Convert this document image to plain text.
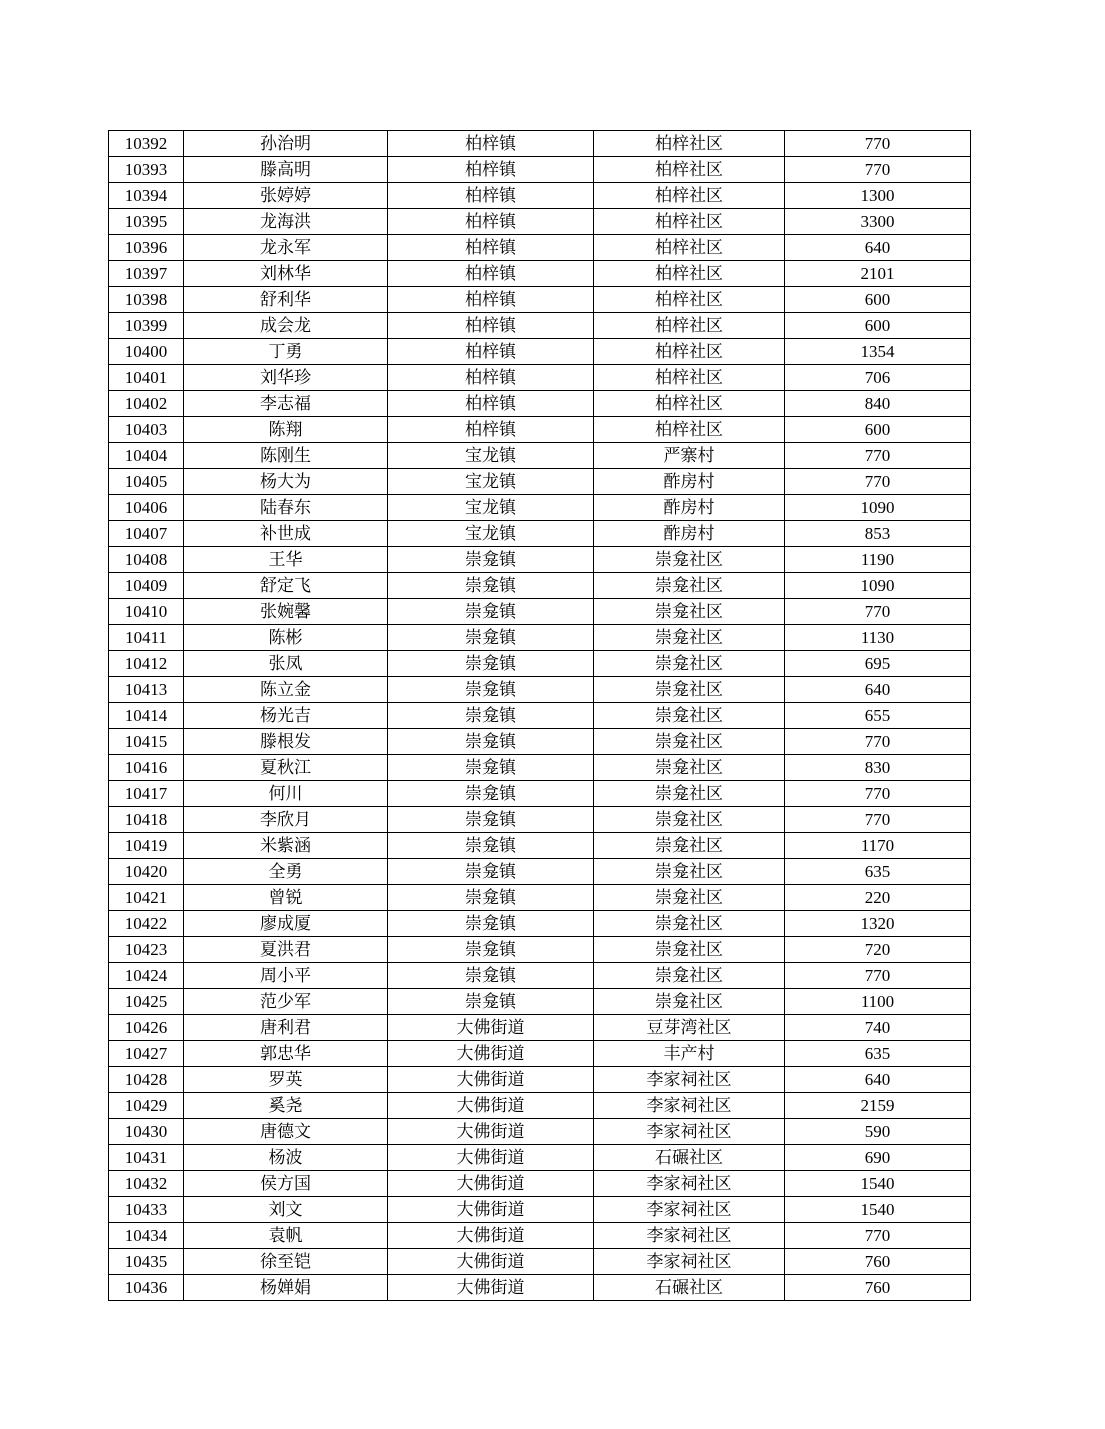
10392	孙治明	柏梓镇	柏梓社区	770
10393	滕高明	柏梓镇	柏梓社区	770
10394	张婷婷	柏梓镇	柏梓社区	1300
10395	龙海洪	柏梓镇	柏梓社区	3300
10396	龙永军	柏梓镇	柏梓社区	640
10397	刘林华	柏梓镇	柏梓社区	2101
10398	舒利华	柏梓镇	柏梓社区	600
10399	成会龙	柏梓镇	柏梓社区	600
10400	丁勇	柏梓镇	柏梓社区	1354
10401	刘华珍	柏梓镇	柏梓社区	706
10402	李志福	柏梓镇	柏梓社区	840
10403	陈翔	柏梓镇	柏梓社区	600
10404	陈刚生	宝龙镇	严寨村	770
10405	杨大为	宝龙镇	酢房村	770
10406	陆春东	宝龙镇	酢房村	1090
10407	补世成	宝龙镇	酢房村	853
10408	王华	崇龛镇	崇龛社区	1190
10409	舒定飞	崇龛镇	崇龛社区	1090
10410	张婉馨	崇龛镇	崇龛社区	770
10411	陈彬	崇龛镇	崇龛社区	1130
10412	张凤	崇龛镇	崇龛社区	695
10413	陈立金	崇龛镇	崇龛社区	640
10414	杨光吉	崇龛镇	崇龛社区	655
10415	滕根发	崇龛镇	崇龛社区	770
10416	夏秋江	崇龛镇	崇龛社区	830
10417	何川	崇龛镇	崇龛社区	770
10418	李欣月	崇龛镇	崇龛社区	770
10419	米紫涵	崇龛镇	崇龛社区	1170
10420	全勇	崇龛镇	崇龛社区	635
10421	曾锐	崇龛镇	崇龛社区	220
10422	廖成厦	崇龛镇	崇龛社区	1320
10423	夏洪君	崇龛镇	崇龛社区	720
10424	周小平	崇龛镇	崇龛社区	770
10425	范少军	崇龛镇	崇龛社区	1100
10426	唐利君	大佛街道	豆芽湾社区	740
10427	郭忠华	大佛街道	丰产村	635
10428	罗英	大佛街道	李家祠社区	640
10429	奚尧	大佛街道	李家祠社区	2159
10430	唐德文	大佛街道	李家祠社区	590
10431	杨波	大佛街道	石碾社区	690
10432	侯方国	大佛街道	李家祠社区	1540
10433	刘文	大佛街道	李家祠社区	1540
10434	袁帆	大佛街道	李家祠社区	770
10435	徐至铠	大佛街道	李家祠社区	760
10436	杨婵娟	大佛街道	石碾社区	760
